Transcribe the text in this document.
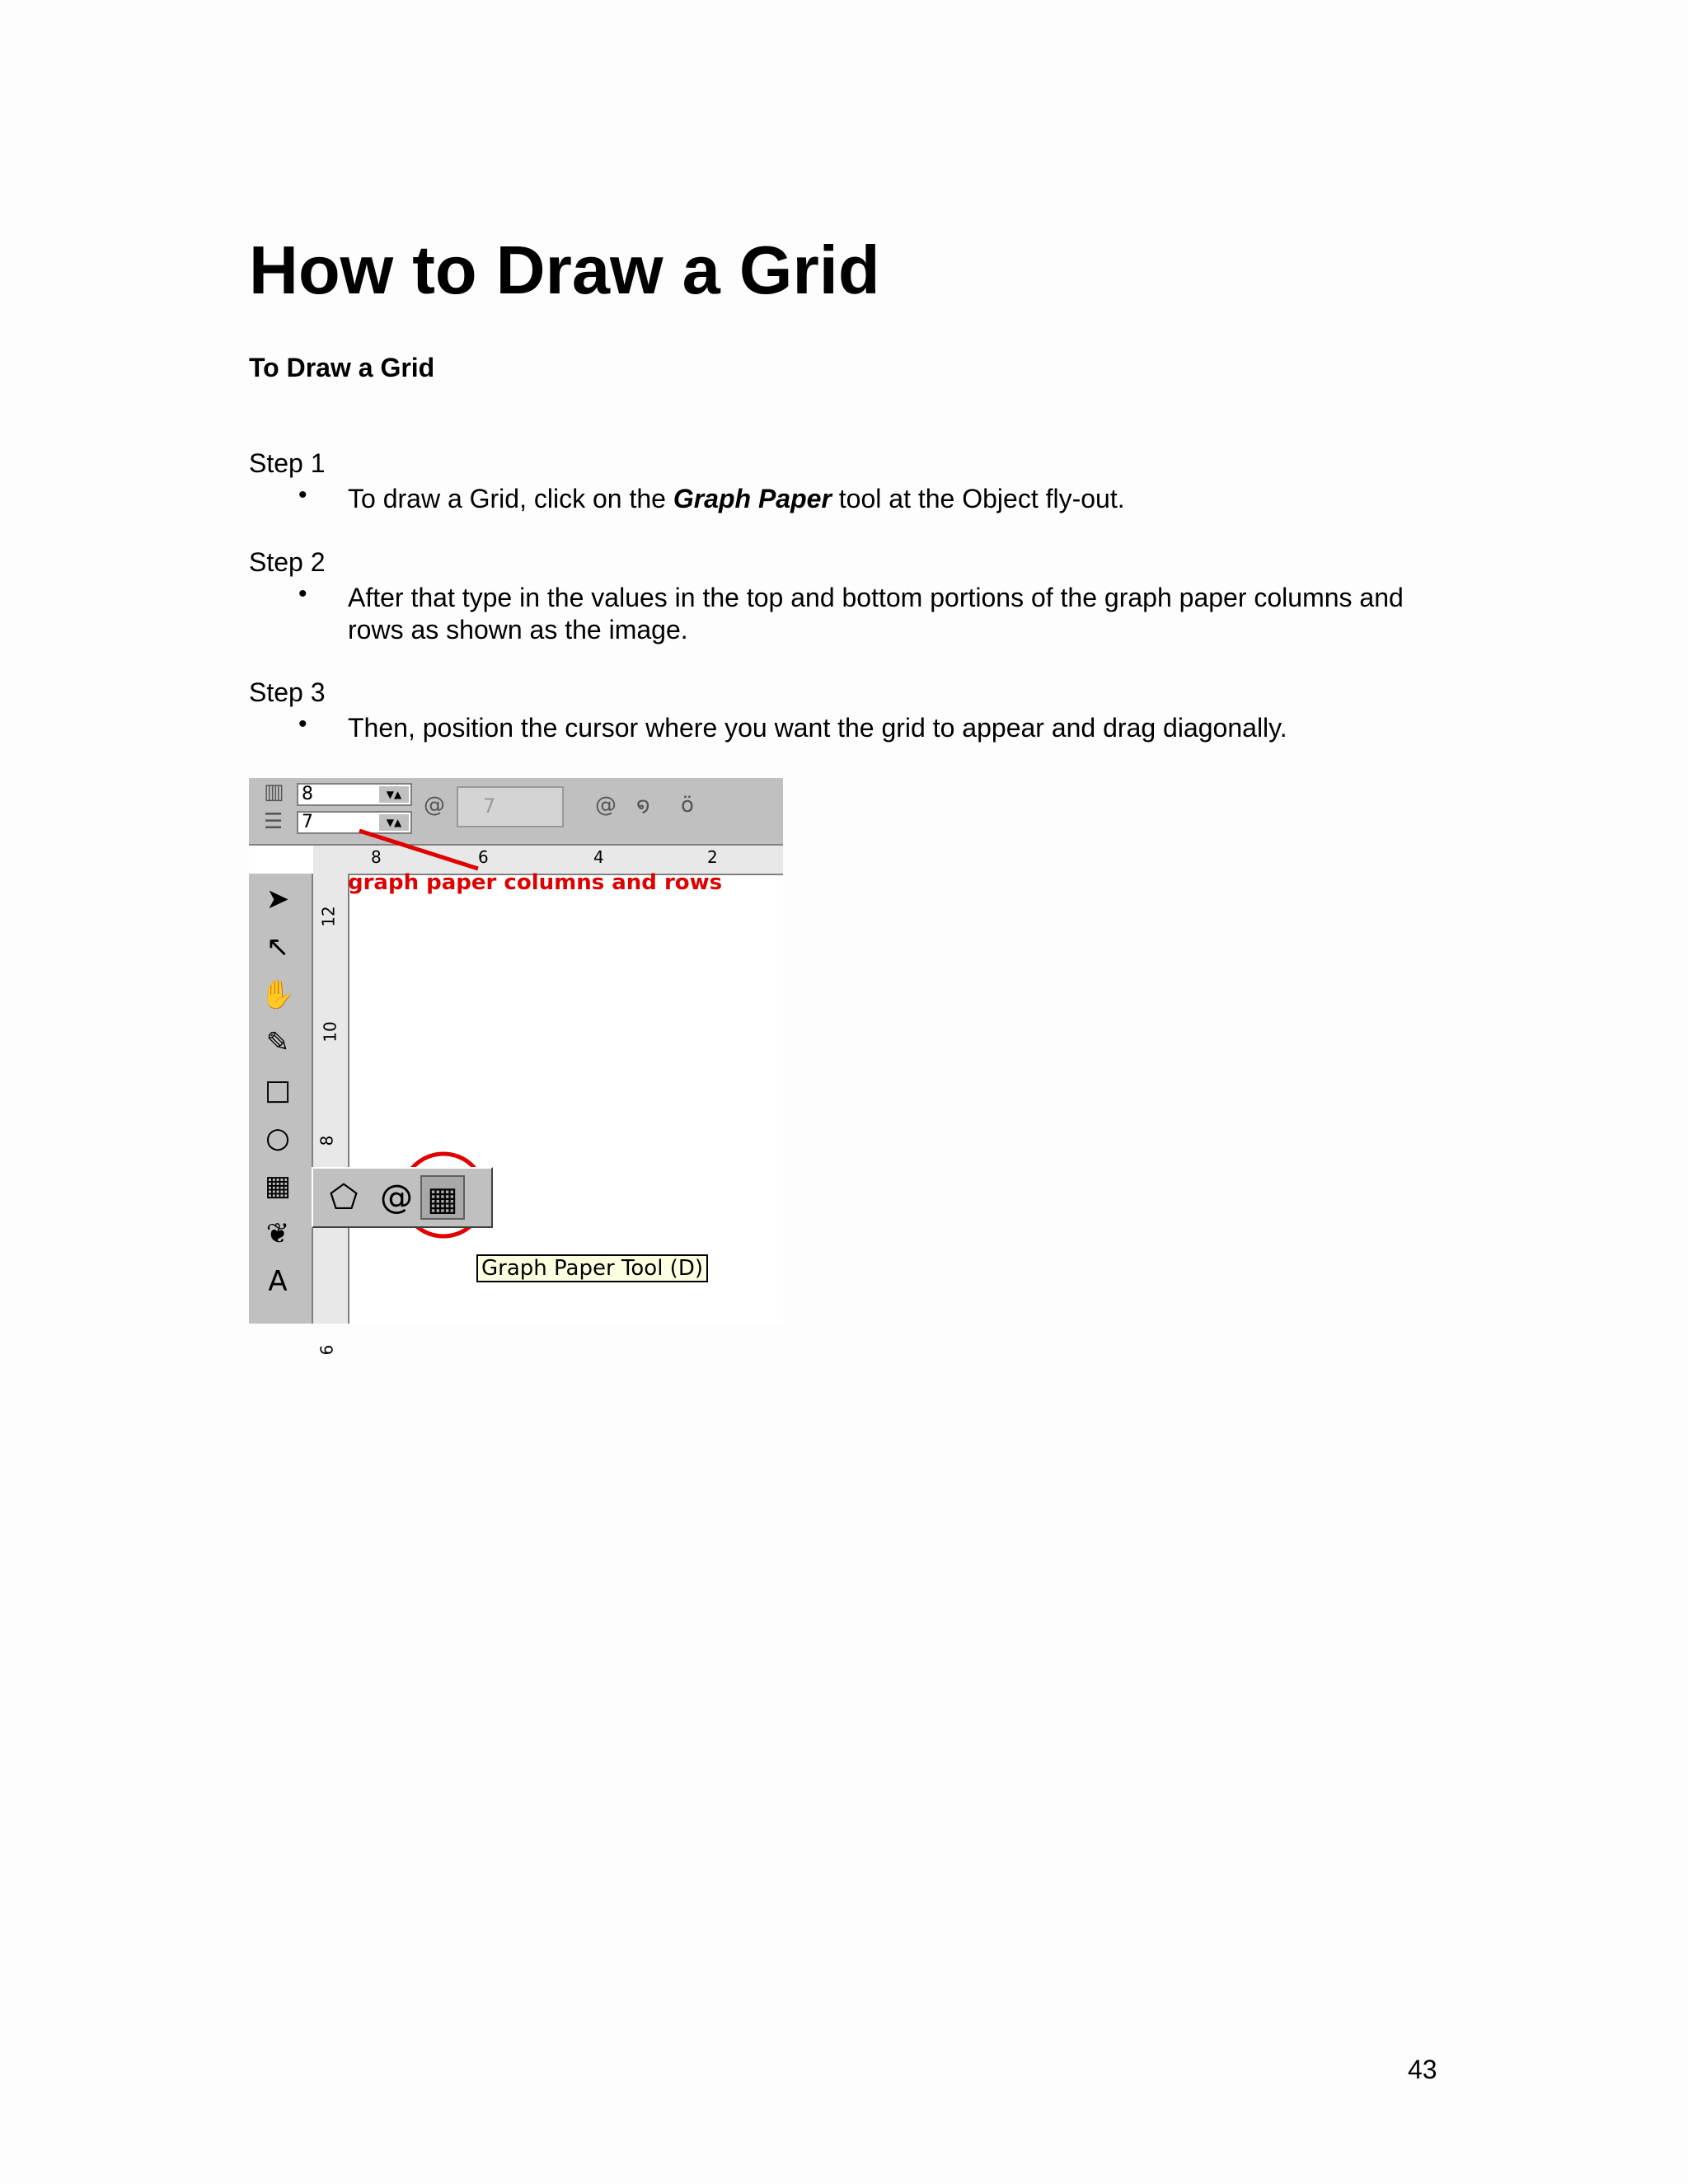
How to Draw a Grid
To Draw a Grid
Step 1
• To draw a Grid, click on the Graph Paper tool at the Object fly-out.
Step 2
• After that type in the values in the top and bottom portions of the graph paper columns and rows as shown as the image.
Step 3
• Then, position the cursor where you want the grid to appear and drag diagonally.
▥ 8	▼▲
☰ 7	▼▲
@	7	@ ໑ ö
8	6	4	2
➤
↖
✋
✎
□
○
▦
❦
A
12
10
8
6
graph paper columns and rows
⬠ @ ▦
Graph Paper Tool (D)
43
